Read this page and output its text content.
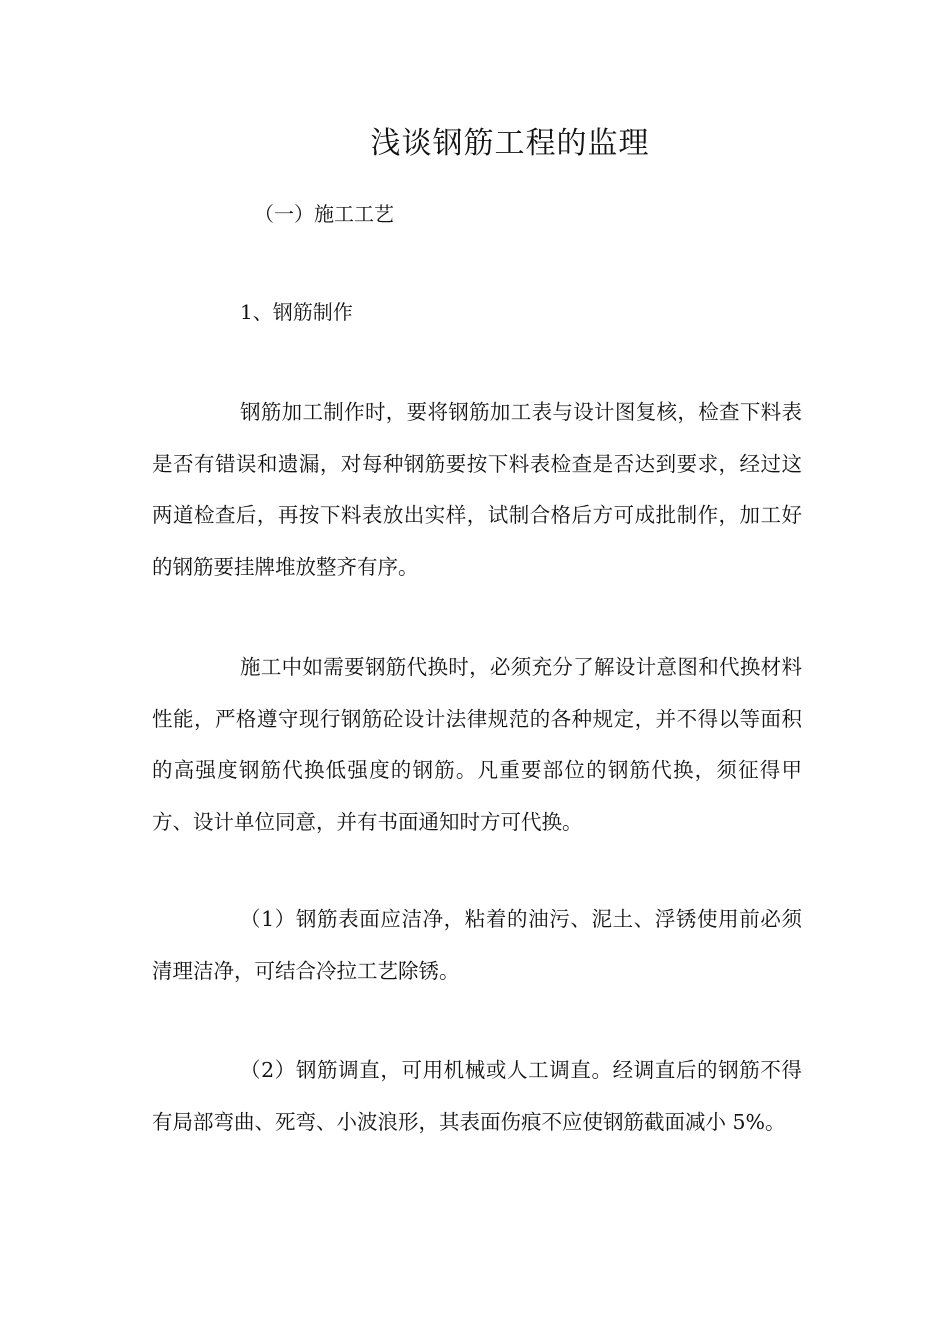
浅谈钢筋工程的监理
（一）施工工艺
1、钢筋制作

钢筋加工制作时，要将钢筋加工表与设计图复核，检查下料表是否有错误和遗漏，对每种钢筋要按下料表检查是否达到要求，经过这两道检查后，再按下料表放出实样，试制合格后方可成批制作，加工好的钢筋要挂牌堆放整齐有序。

施工中如需要钢筋代换时，必须充分了解设计意图和代换材料性能，严格遵守现行钢筋砼设计法律规范的各种规定，并不得以等面积的高强度钢筋代换低强度的钢筋。凡重要部位的钢筋代换，须征得甲方、设计单位同意，并有书面通知时方可代换。

（1）钢筋表面应洁净，粘着的油污、泥土、浮锈使用前必须清理洁净，可结合冷拉工艺除锈。

（2）钢筋调直，可用机械或人工调直。经调直后的钢筋不得有局部弯曲、死弯、小波浪形，其表面伤痕不应使钢筋截面减小 5%。
